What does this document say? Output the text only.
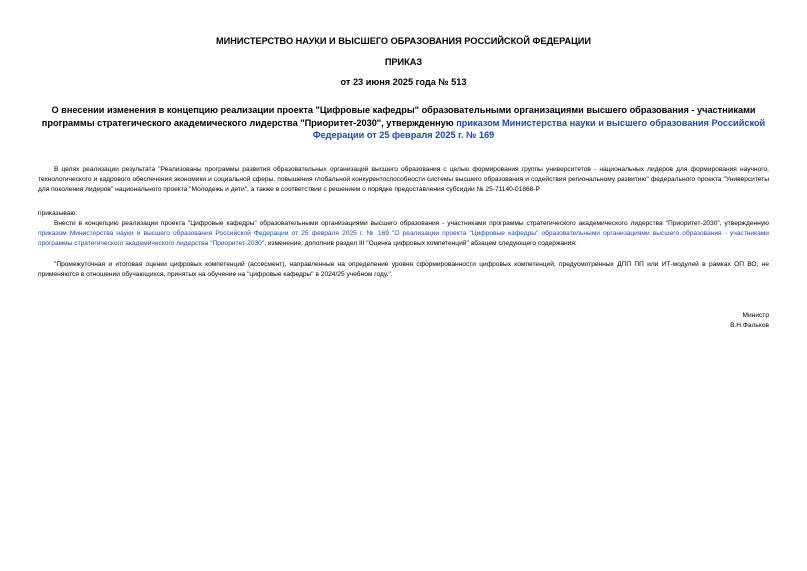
МИНИСТЕРСТВО НАУКИ И ВЫСШЕГО ОБРАЗОВАНИЯ РОССИЙСКОЙ ФЕДЕРАЦИИ
ПРИКАЗ
от 23 июня 2025 года № 513
О внесении изменения в концепцию реализации проекта "Цифровые кафедры" образовательными организациями высшего образования - участниками программы стратегического академического лидерства "Приоритет-2030", утвержденную приказом Министерства науки и высшего образования Российской Федерации от 25 февраля 2025 г. № 169
В целях реализации результата "Реализованы программы развития образовательных организаций высшего образования с целью формирования группы университетов - национальных лидеров для формирования научного, технологического и кадрового обеспечения экономики и социальной сферы, повышения глобальной конкурентоспособности системы высшего образования и содействия региональному развитию" федерального проекта "Университеты для поколения лидеров" национального проекта "Молодежь и дети", а также в соответствии с решением о порядке предоставления субсидии № 25-71140-01868-Р
приказываю:
Внести в концепцию реализации проекта "Цифровые кафедры" образовательными организациями высшего образования - участниками программы стратегического академического лидерства "Приоритет-2030", утвержденную приказом Министерства науки и высшего образования Российской Федерации от 25 февраля 2025 г. № 169 "О реализации проекта "Цифровые кафедры" образовательными организациями высшего образования - участниками программы стратегического академического лидерства "Приоритет-2030", изменение, дополнив раздел III "Оценка цифровых компетенций" абзацем следующего содержания:
"Промежуточная и итоговая оценки цифровых компетенций (ассесмент), направленные на определение уровня сформированности цифровых компетенций, предусмотренных ДПП ПП или ИТ-модулей в рамках ОП ВО, не применяются в отношении обучающихся, принятых на обучение на "цифровые кафедры" в 2024/25 учебном году.".
Министр
В.Н.Фальков
